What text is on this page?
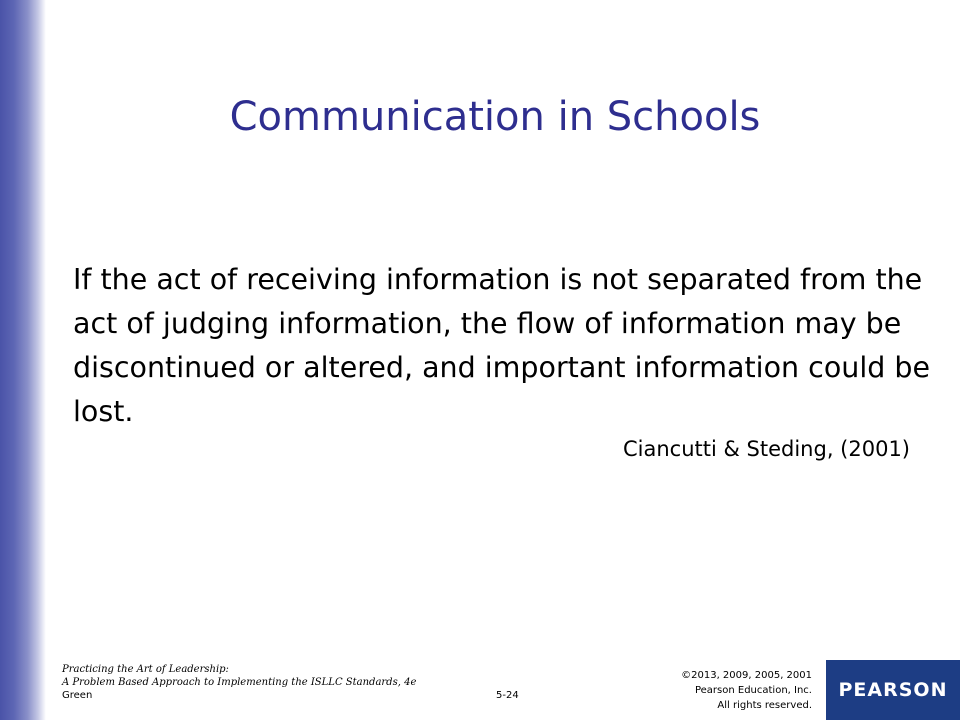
Communication in Schools
If the act of receiving information is not separated from the act of judging information, the flow of information may be discontinued or altered, and important information could be lost.
Ciancutti & Steding, (2001)
Practicing the Art of Leadership:
A Problem Based Approach to Implementing the ISLLC Standards, 4e
Green	5-24
©2013, 2009, 2005, 2001
Pearson Education, Inc.
All rights reserved.
PEARSON
